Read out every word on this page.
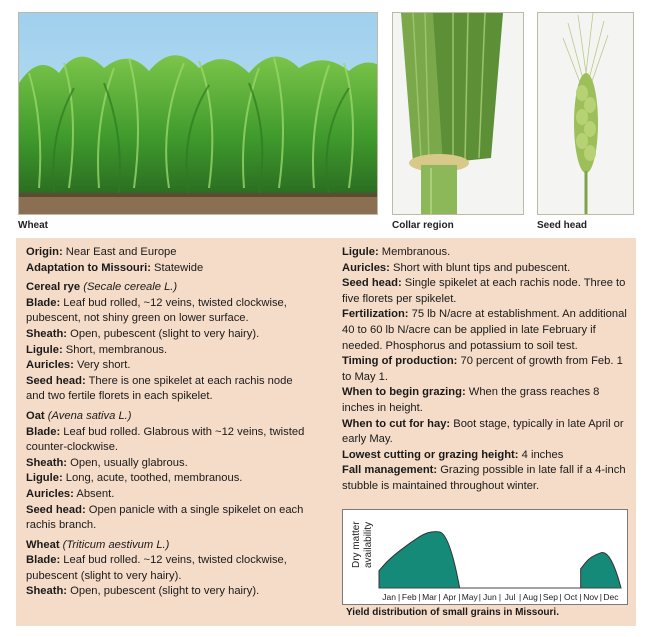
Wheat	Collar region	Seed head

Origin: Near East and Europe

Adaptation to Missouri: Statewide

Cereal rye (Secale cereale L.)

Blade: Leaf bud rolled, ~12 veins, twisted clockwise, pubescent, not shiny green on lower surface.

Sheath: Open, pubescent (slight to very hairy).

Ligule: Short, membranous.

Auricles: Very short.

Seed head: There is one spikelet at each rachis node and two fertile florets in each spikelet.

Oat (Avena sativa L.)

Blade: Leaf bud rolled. Glabrous with ~12 veins, twisted counter-clockwise.

Sheath: Open, usually glabrous.

Ligule: Long, acute, toothed, membranous.

Auricles: Absent.

Seed head: Open panicle with a single spikelet on each rachis branch.

Wheat (Triticum aestivum L.)

Blade: Leaf bud rolled. ~12 veins, twisted clockwise, pubescent (slight to very hairy).

Sheath: Open, pubescent (slight to very hairy).

Ligule: Membranous.

Auricles: Short with blunt tips and pubescent.

Seed head: Single spikelet at each rachis node. Three to five florets per spikelet.

Fertilization: 75 lb N/acre at establishment. An additional 40 to 60 lb N/acre can be applied in late February if needed. Phosphorus and potassium to soil test.

Timing of production: 70 percent of growth from Feb. 1 to May 1.

When to begin grazing: When the grass reaches 8 inches in height.

When to cut for hay: Boot stage, typically in late April or early May.

Lowest cutting or grazing height: 4 inches

Fall management: Grazing possible in late fall if a 4-inch stubble is maintained throughout winter.

Dry matter availability
Jan Feb
|	Mar
|	Apr
| May
|	Jun
|	Jul
|	Aug
|	Sep
|	Oct
|	Nov
|	Dec
|
Yield distribution of small grains in Missouri.
